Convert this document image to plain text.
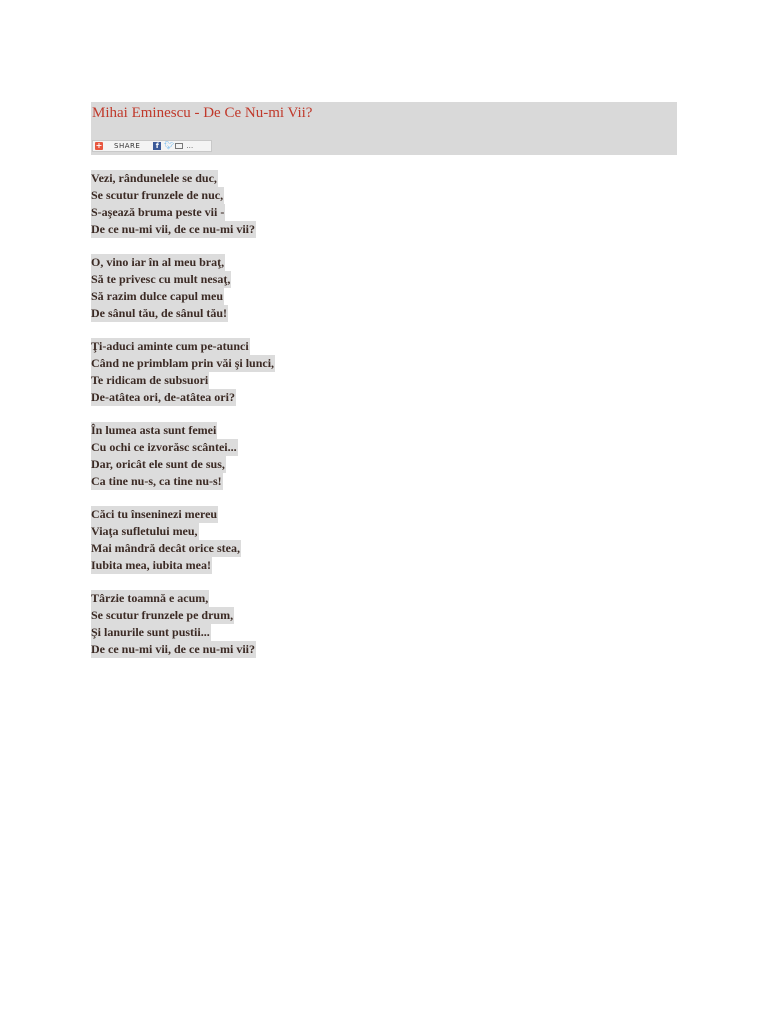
Mihai Eminescu - De Ce Nu-mi Vii?
+ SHARE	f 🐦︎ …
Vezi, rândunelele se duc,
Se scutur frunzele de nuc,
S-aşează bruma peste vii -
De ce nu-mi vii, de ce nu-mi vii?
O, vino iar în al meu braţ,
Să te privesc cu mult nesaţ,
Să razim dulce capul meu
De sânul tău, de sânul tău!
Ţi-aduci aminte cum pe-atunci
Când ne primblam prin văi şi lunci,
Te ridicam de subsuori
De-atâtea ori, de-atâtea ori?
În lumea asta sunt femei
Cu ochi ce izvorăsc scântei...
Dar, oricât ele sunt de sus,
Ca tine nu-s, ca tine nu-s!
Căci tu înseninezi mereu
Viaţa sufletului meu,
Mai mândră decât orice stea,
Iubita mea, iubita mea!
Târzie toamnă e acum,
Se scutur frunzele pe drum,
Şi lanurile sunt pustii...
De ce nu-mi vii, de ce nu-mi vii?
